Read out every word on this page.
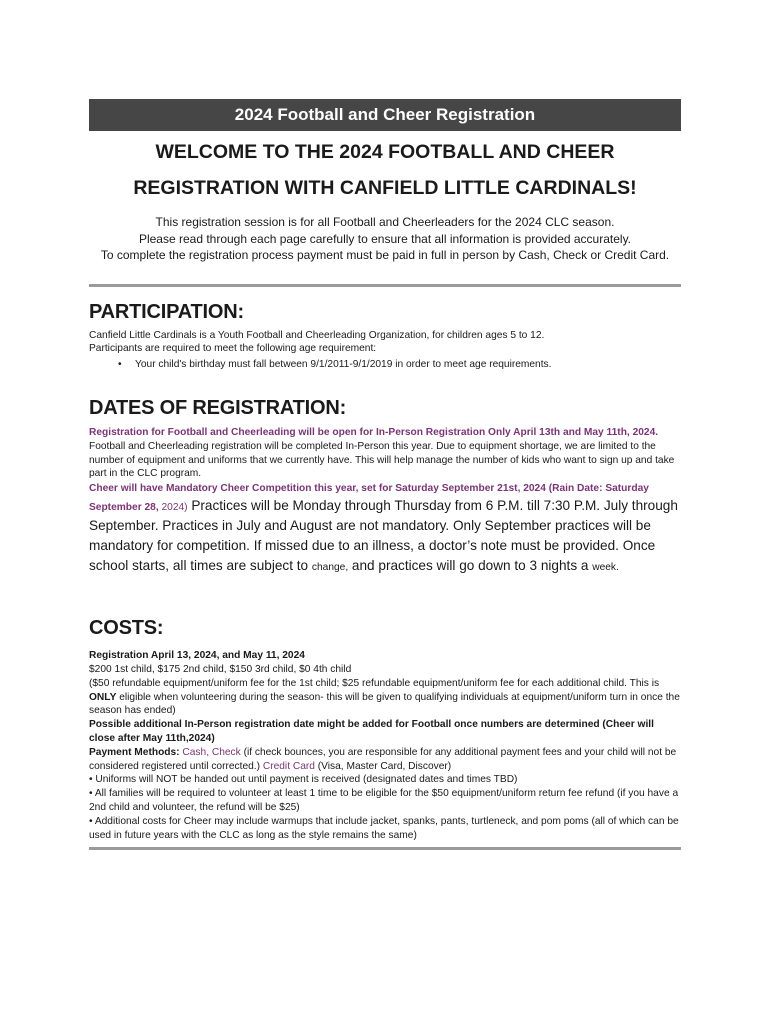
2024 Football and Cheer Registration
WELCOME TO THE 2024 FOOTBALL AND CHEER
REGISTRATION WITH CANFIELD LITTLE CARDINALS!

This registration session is for all Football and Cheerleaders for the 2024 CLC season.

Please read through each page carefully to ensure that all information is provided accurately.

To complete the registration process payment must be paid in full in person by Cash, Check or Credit Card.

PARTICIPATION:

Canfield Little Cardinals is a Youth Football and Cheerleading Organization, for children ages 5 to 12.

Participants are required to meet the following age requirement:

• Your child's birthday must fall between 9/1/2011-9/1/2019 in order to meet age requirements.
DATES OF REGISTRATION:

Registration for Football and Cheerleading will be open for In-Person Registration Only April 13th and May 11th, 2024. Football and Cheerleading registration will be completed In-Person this year. Due to equipment shortage, we are limited to the number of equipment and uniforms that we currently have. This will help manage the number of kids who want to sign up and take part in the CLC program.

Cheer will have Mandatory Cheer Competition this year, set for Saturday September 21st, 2024 (Rain Date: Saturday September 28, 2024) Practices will be Monday through Thursday from 6 P.M. till 7:30 P.M. July through September. Practices in July and August are not mandatory. Only September practices will be mandatory for competition. If missed due to an illness, a doctor’s note must be provided. Once school starts, all times are subject to change, and practices will go down to 3 nights a week.

COSTS:

Registration April 13, 2024, and May 11, 2024

$200 1st child, $175 2nd child, $150 3rd child, $0 4th child

($50 refundable equipment/uniform fee for the 1st child; $25 refundable equipment/uniform fee for each additional child. This is ONLY eligible when volunteering during the season- this will be given to qualifying individuals at equipment/uniform turn in once the season has ended)

Possible additional In-Person registration date might be added for Football once numbers are determined (Cheer will close after May 11th,2024)

Payment Methods: Cash, Check (if check bounces, you are responsible for any additional payment fees and your child will not be considered registered until corrected.) Credit Card (Visa, Master Card, Discover)

• Uniforms will NOT be handed out until payment is received (designated dates and times TBD)

• All families will be required to volunteer at least 1 time to be eligible for the $50 equipment/uniform return fee refund (if you have a 2nd child and volunteer, the refund will be $25)

• Additional costs for Cheer may include warmups that include jacket, spanks, pants, turtleneck, and pom poms (all of which can be used in future years with the CLC as long as the style remains the same)
